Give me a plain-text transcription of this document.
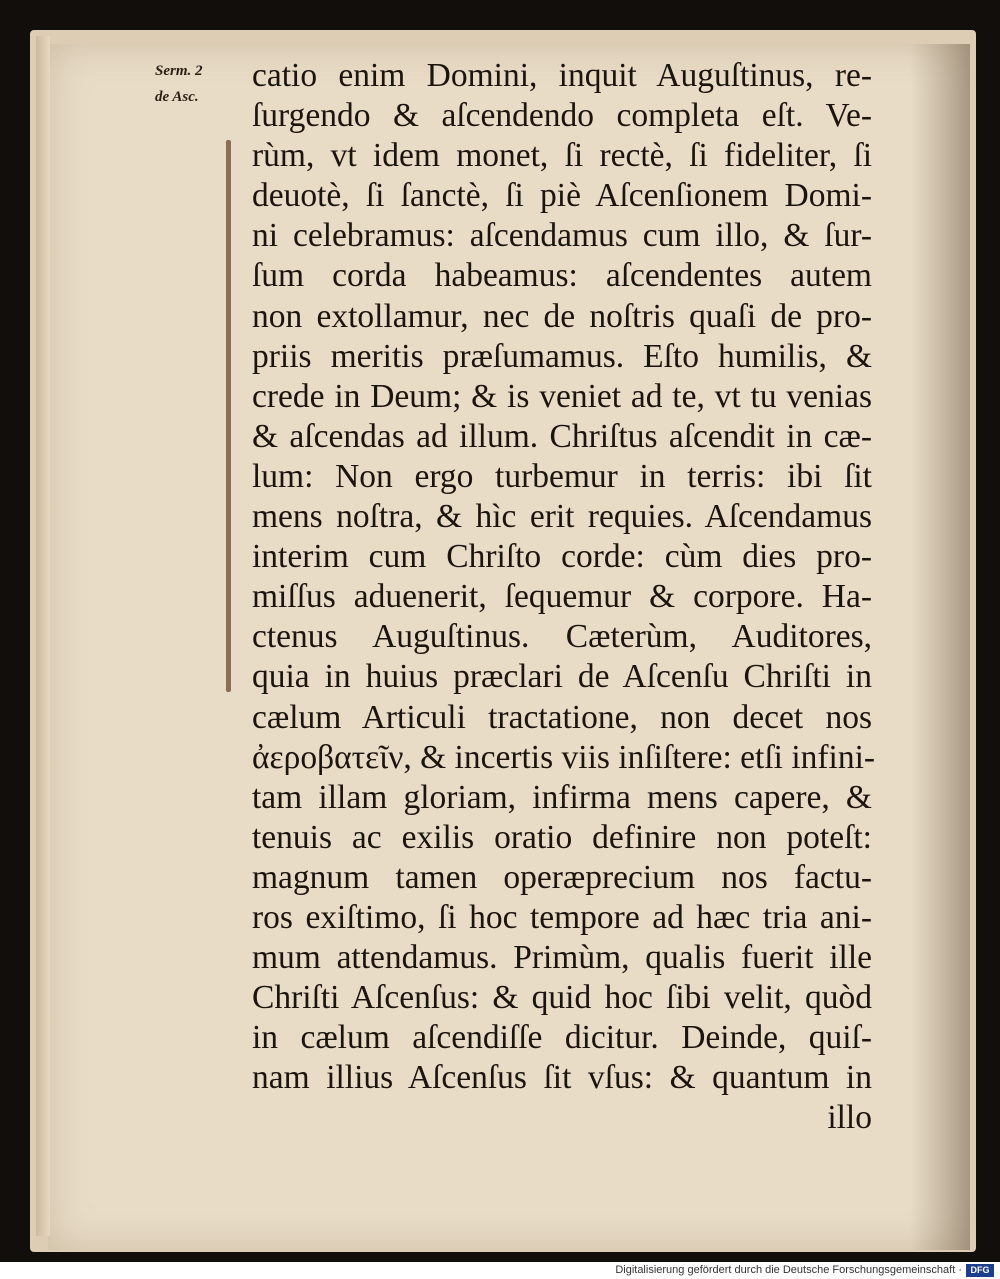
Serm. 2
de Asc.
catio enim Domini, inquit Auguſtinus, re-
ſurgendo & aſcendendo completa eſt. Ve-
rùm, vt idem monet, ſi rectè, ſi fideliter, ſi
deuotè, ſi ſanctè, ſi piè Aſcenſionem Domi-
ni celebramus: aſcendamus cum illo, & ſur-
ſum corda habeamus: aſcendentes autem
non extollamur, nec de noſtris quaſi de pro-
priis meritis præſumamus. Eſto humilis, &
crede in Deum; & is veniet ad te, vt tu venias
& aſcendas ad illum. Chriſtus aſcendit in cæ-
lum: Non ergo turbemur in terris: ibi ſit
mens noſtra, & hìc erit requies. Aſcendamus
interim cum Chriſto corde: cùm dies pro-
miſſus aduenerit, ſequemur & corpore. Ha-
ctenus Auguſtinus. Cæterùm, Auditores,
quia in huius præclari de Aſcenſu Chriſti in
cælum Articuli tractatione, non decet nos
ἀεροβατεῖν, & incertis viis inſiſtere: etſi infini-
tam illam gloriam, infirma mens capere, &
tenuis ac exilis oratio definire non poteſt:
magnum tamen operæprecium nos factu-
ros exiſtimo, ſi hoc tempore ad hæc tria ani-
mum attendamus. Primùm, qualis fuerit ille
Chriſti Aſcenſus: & quid hoc ſibi velit, quòd
in cælum aſcendiſſe dicitur. Deinde, quiſ-
nam illius Aſcenſus ſit vſus: & quantum in
illo
Digitalisierung gefördert durch die Deutsche Forschungsgemeinschaft · DFG
